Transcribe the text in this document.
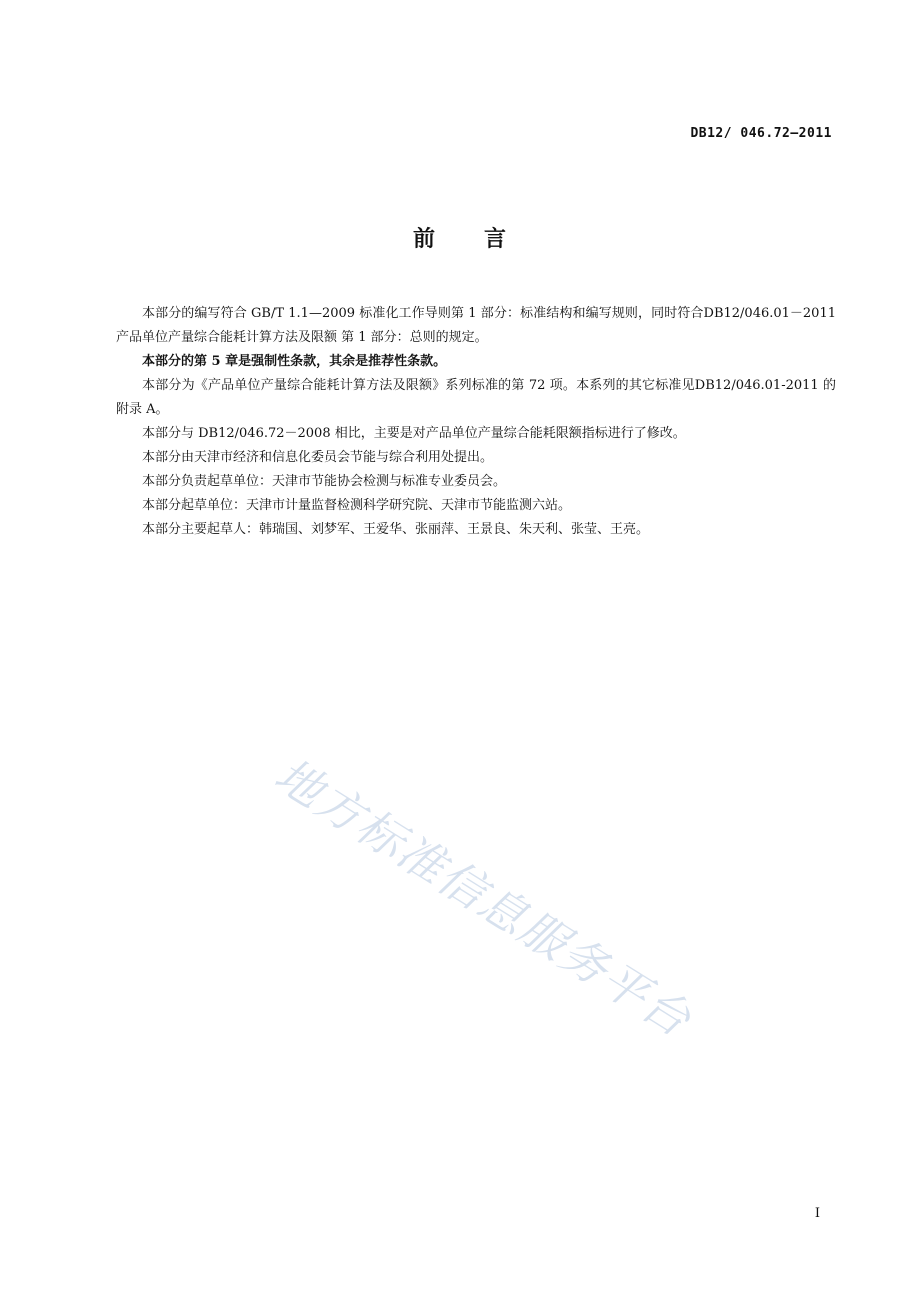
DB12/ 046.72—2011
前 言

本部分的编写符合 GB/T 1.1—2009 标准化工作导则第 1 部分：标准结构和编写规则，同时符合DB12/046.01－2011 产品单位产量综合能耗计算方法及限额 第 1 部分：总则的规定。

本部分的第 5 章是强制性条款，其余是推荐性条款。

本部分为《产品单位产量综合能耗计算方法及限额》系列标准的第 72 项。本系列的其它标准见DB12/046.01-2011 的附录 A。

本部分与 DB12/046.72－2008 相比，主要是对产品单位产量综合能耗限额指标进行了修改。

本部分由天津市经济和信息化委员会节能与综合利用处提出。

本部分负责起草单位：天津市节能协会检测与标准专业委员会。

本部分起草单位：天津市计量监督检测科学研究院、天津市节能监测六站。

本部分主要起草人：韩瑞国、刘梦军、王爱华、张丽萍、王景良、朱天利、张莹、王亮。

地方标准信息服务平台
I
